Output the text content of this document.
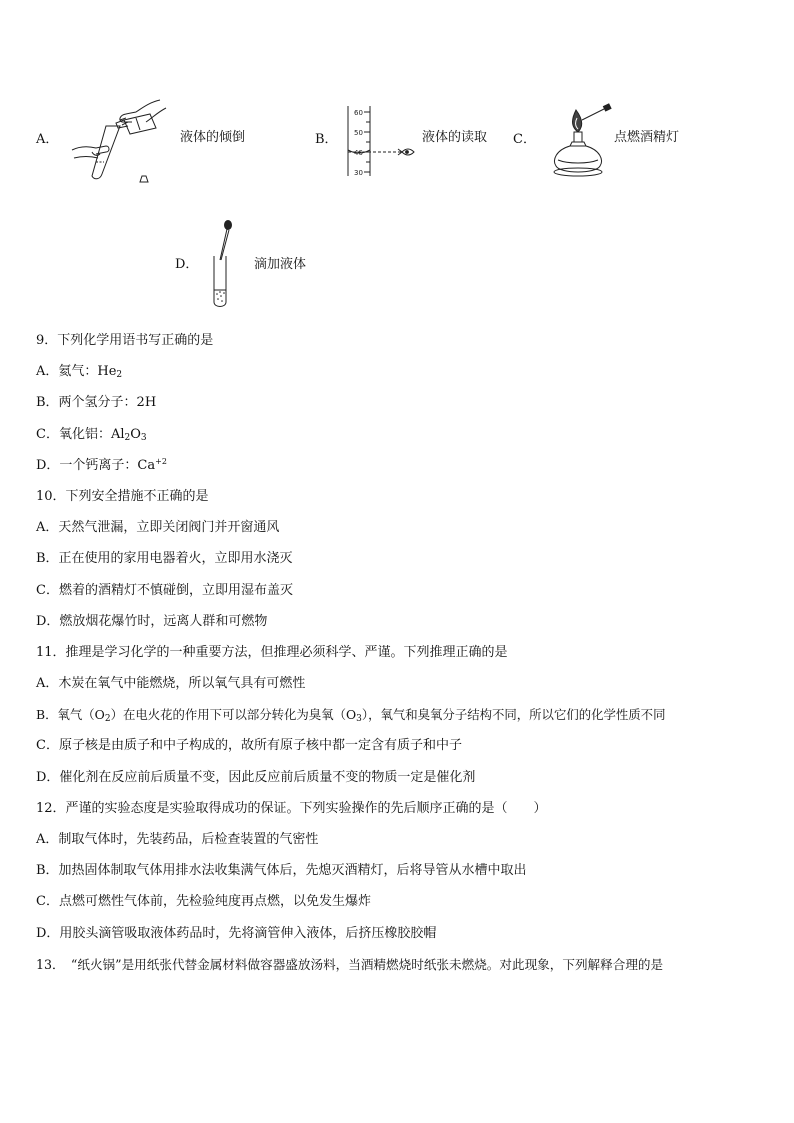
A．	液体的倾倒	B．
60
50
40
30
液体的读取 C．	点燃酒精灯
D．	滴加液体
9．下列化学用语书写正确的是
A．氦气：$He_2$
B．两个氢分子：2H
C．氧化铝：$Al_2O_3$
D．一个钙离子：$Ca^{+2}$
10．下列安全措施不正确的是
A．天然气泄漏，立即关闭阀门并开窗通风
B．正在使用的家用电器着火，立即用水浇灭
C．燃着的酒精灯不慎碰倒，立即用湿布盖灭
D．燃放烟花爆竹时，远离人群和可燃物
11．推理是学习化学的一种重要方法，但推理必须科学、严谨。下列推理正确的是
A．木炭在氧气中能燃烧，所以氧气具有可燃性
B．氧气$(O_2)$在电火花的作用下可以部分转化为臭氧$(O_3)$，氧气和臭氧分子结构不同，所以它们的化学性质不同
C．原子核是由质子和中子构成的，故所有原子核中都一定含有质子和中子
D．催化剂在反应前后质量不变，因此反应前后质量不变的物质一定是催化剂
12．严谨的实验态度是实验取得成功的保证。下列实验操作的先后顺序正确的是（　　）
A．制取气体时，先装药品，后检查装置的气密性
B．加热固体制取气体用排水法收集满气体后，先熄灭酒精灯，后将导管从水槽中取出
C．点燃可燃性气体前，先检验纯度再点燃，以免发生爆炸
D．用胶头滴管吸取液体药品时，先将滴管伸入液体，后挤压橡胶胶帽
13．　“纸火锅”是用纸张代替金属材料做容器盛放汤料，当酒精燃烧时纸张未燃烧。对此现象，下列解释合理的是
